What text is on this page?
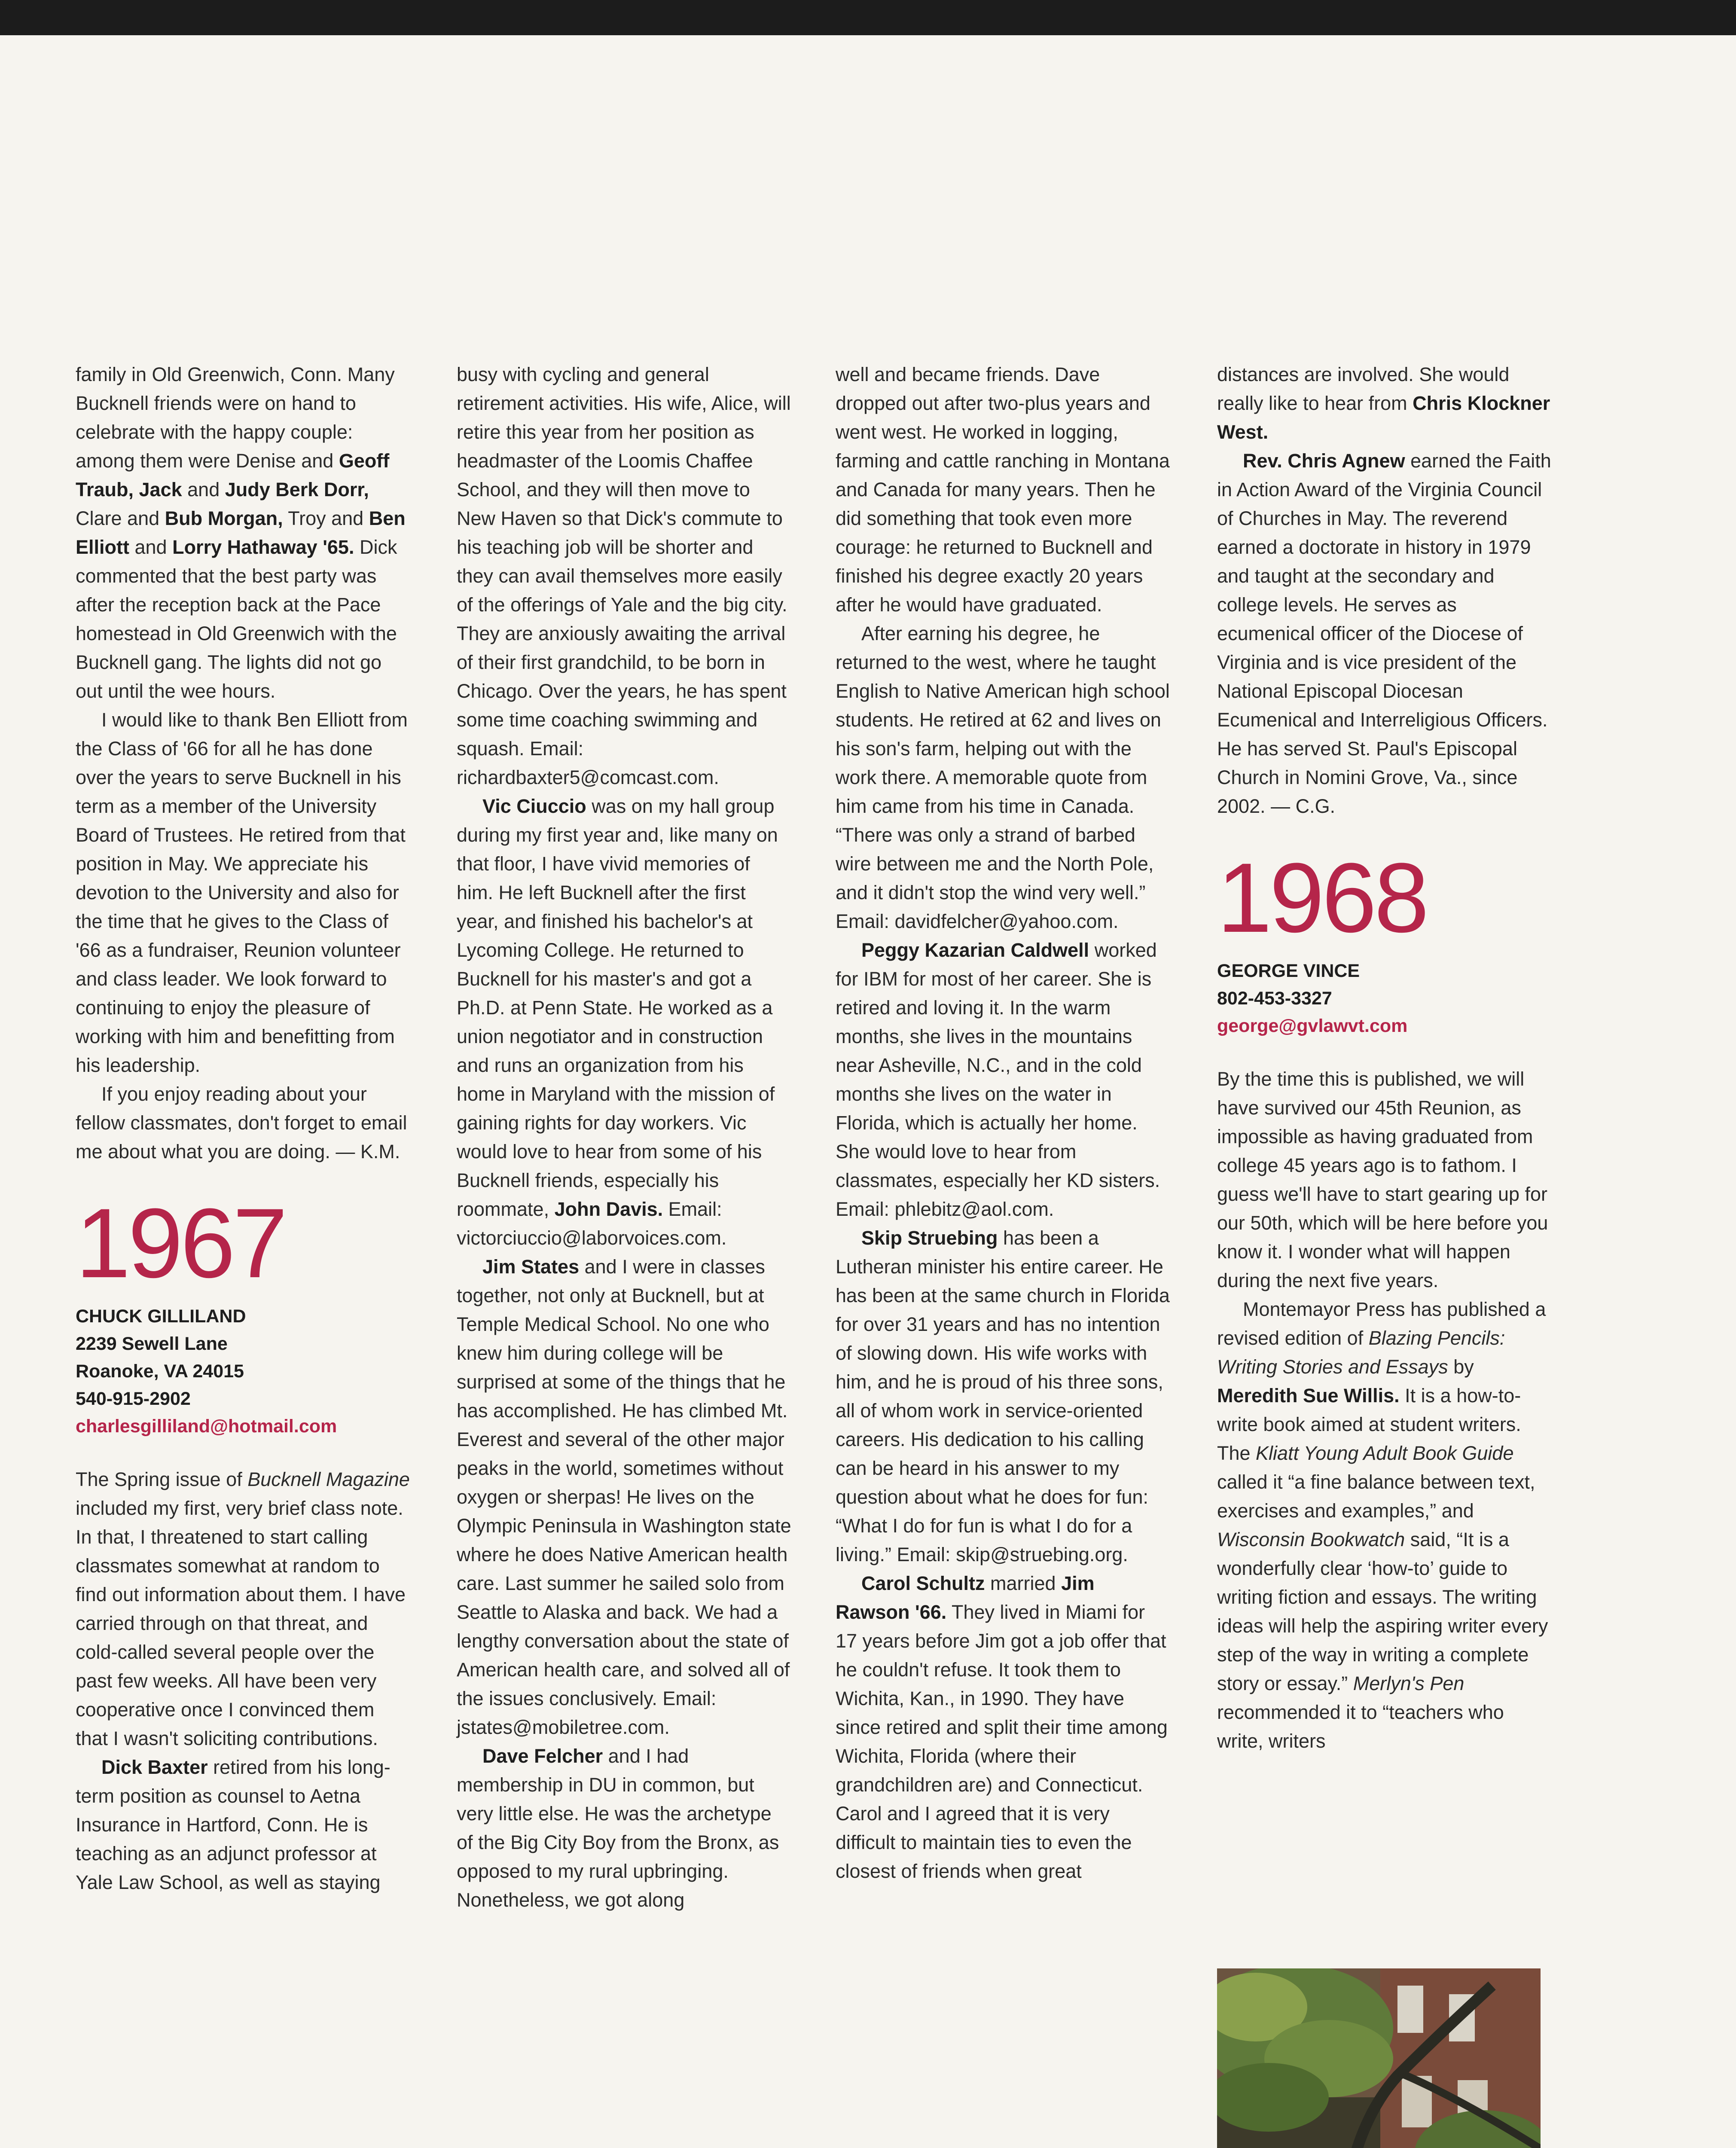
family in Old Greenwich, Conn. Many Bucknell friends were on hand to celebrate with the happy couple: among them were Denise and Geoff Traub, Jack and Judy Berk Dorr, Clare and Bub Morgan, Troy and Ben Elliott and Lorry Hathaway '65. Dick commented that the best party was after the reception back at the Pace homestead in Old Greenwich with the Bucknell gang. The lights did not go out until the wee hours.

I would like to thank Ben Elliott from the Class of '66 for all he has done over the years to serve Bucknell in his term as a member of the University Board of Trustees. He retired from that position in May. We appreciate his devotion to the University and also for the time that he gives to the Class of '66 as a fundraiser, Reunion volunteer and class leader. We look forward to continuing to enjoy the pleasure of working with him and benefitting from his leadership.

If you enjoy reading about your fellow classmates, don't forget to email me about what you are doing. — K.M.

1967
CHUCK GILLILAND
2239 Sewell Lane
Roanoke, VA 24015
540-915-2902
charlesgilliland@hotmail.com

The Spring issue of Bucknell Magazine included my first, very brief class note. In that, I threatened to start calling classmates somewhat at random to find out information about them. I have carried through on that threat, and cold-called several people over the past few weeks. All have been very cooperative once I convinced them that I wasn't soliciting contributions.

Dick Baxter retired from his long-term position as counsel to Aetna Insurance in Hartford, Conn. He is teaching as an adjunct professor at Yale Law School, as well as staying

busy with cycling and general retirement activities. His wife, Alice, will retire this year from her position as headmaster of the Loomis Chaffee School, and they will then move to New Haven so that Dick's commute to his teaching job will be shorter and they can avail themselves more easily of the offerings of Yale and the big city. They are anxiously awaiting the arrival of their first grandchild, to be born in Chicago. Over the years, he has spent some time coaching swimming and squash. Email: richardbaxter5@comcast.com.

Vic Ciuccio was on my hall group during my first year and, like many on that floor, I have vivid memories of him. He left Bucknell after the first year, and finished his bachelor's at Lycoming College. He returned to Bucknell for his master's and got a Ph.D. at Penn State. He worked as a union negotiator and in construction and runs an organization from his home in Maryland with the mission of gaining rights for day workers. Vic would love to hear from some of his Bucknell friends, especially his roommate, John Davis. Email: victorciuccio@laborvoices.com.

Jim States and I were in classes together, not only at Bucknell, but at Temple Medical School. No one who knew him during college will be surprised at some of the things that he has accomplished. He has climbed Mt. Everest and several of the other major peaks in the world, sometimes without oxygen or sherpas! He lives on the Olympic Peninsula in Washington state where he does Native American health care. Last summer he sailed solo from Seattle to Alaska and back. We had a lengthy conversation about the state of American health care, and solved all of the issues conclusively. Email: jstates@mobiletree.com.

Dave Felcher and I had membership in DU in common, but very little else. He was the archetype of the Big City Boy from the Bronx, as opposed to my rural upbringing. Nonetheless, we got along

well and became friends. Dave dropped out after two-plus years and went west. He worked in logging, farming and cattle ranching in Montana and Canada for many years. Then he did something that took even more courage: he returned to Bucknell and finished his degree exactly 20 years after he would have graduated.

After earning his degree, he returned to the west, where he taught English to Native American high school students. He retired at 62 and lives on his son's farm, helping out with the work there. A memorable quote from him came from his time in Canada. “There was only a strand of barbed wire between me and the North Pole, and it didn't stop the wind very well.” Email: davidfelcher@yahoo.com.

Peggy Kazarian Caldwell worked for IBM for most of her career. She is retired and loving it. In the warm months, she lives in the mountains near Asheville, N.C., and in the cold months she lives on the water in Florida, which is actually her home. She would love to hear from classmates, especially her KD sisters. Email: phlebitz@aol.com.

Skip Struebing has been a Lutheran minister his entire career. He has been at the same church in Florida for over 31 years and has no intention of slowing down. His wife works with him, and he is proud of his three sons, all of whom work in service-oriented careers. His dedication to his calling can be heard in his answer to my question about what he does for fun: “What I do for fun is what I do for a living.” Email: skip@struebing.org.

Carol Schultz married Jim Rawson '66. They lived in Miami for 17 years before Jim got a job offer that he couldn't refuse. It took them to Wichita, Kan., in 1990. They have since retired and split their time among Wichita, Florida (where their grandchildren are) and Connecticut. Carol and I agreed that it is very difficult to maintain ties to even the closest of friends when great

distances are involved. She would really like to hear from Chris Klockner West.

Rev. Chris Agnew earned the Faith in Action Award of the Virginia Council of Churches in May. The reverend earned a doctorate in history in 1979 and taught at the secondary and college levels. He serves as ecumenical officer of the Diocese of Virginia and is vice president of the National Episcopal Diocesan Ecumenical and Interreligious Officers. He has served St. Paul's Episcopal Church in Nomini Grove, Va., since 2002. — C.G.

1968
GEORGE VINCE
802-453-3327
george@gvlawvt.com

By the time this is published, we will have survived our 45th Reunion, as impossible as having graduated from college 45 years ago is to fathom. I guess we'll have to start gearing up for our 50th, which will be here before you know it. I wonder what will happen during the next five years.

Montemayor Press has published a revised edition of Blazing Pencils: Writing Stories and Essays by Meredith Sue Willis. It is a how-to-write book aimed at student writers. The Kliatt Young Adult Book Guide called it “a fine balance between text, exercises and examples,” and Wisconsin Bookwatch said, “It is a wonderfully clear ‘how-to’ guide to writing fiction and essays. The writing ideas will help the aspiring writer every step of the way in writing a complete story or essay.” Merlyn's Pen recommended it to “teachers who write, writers
